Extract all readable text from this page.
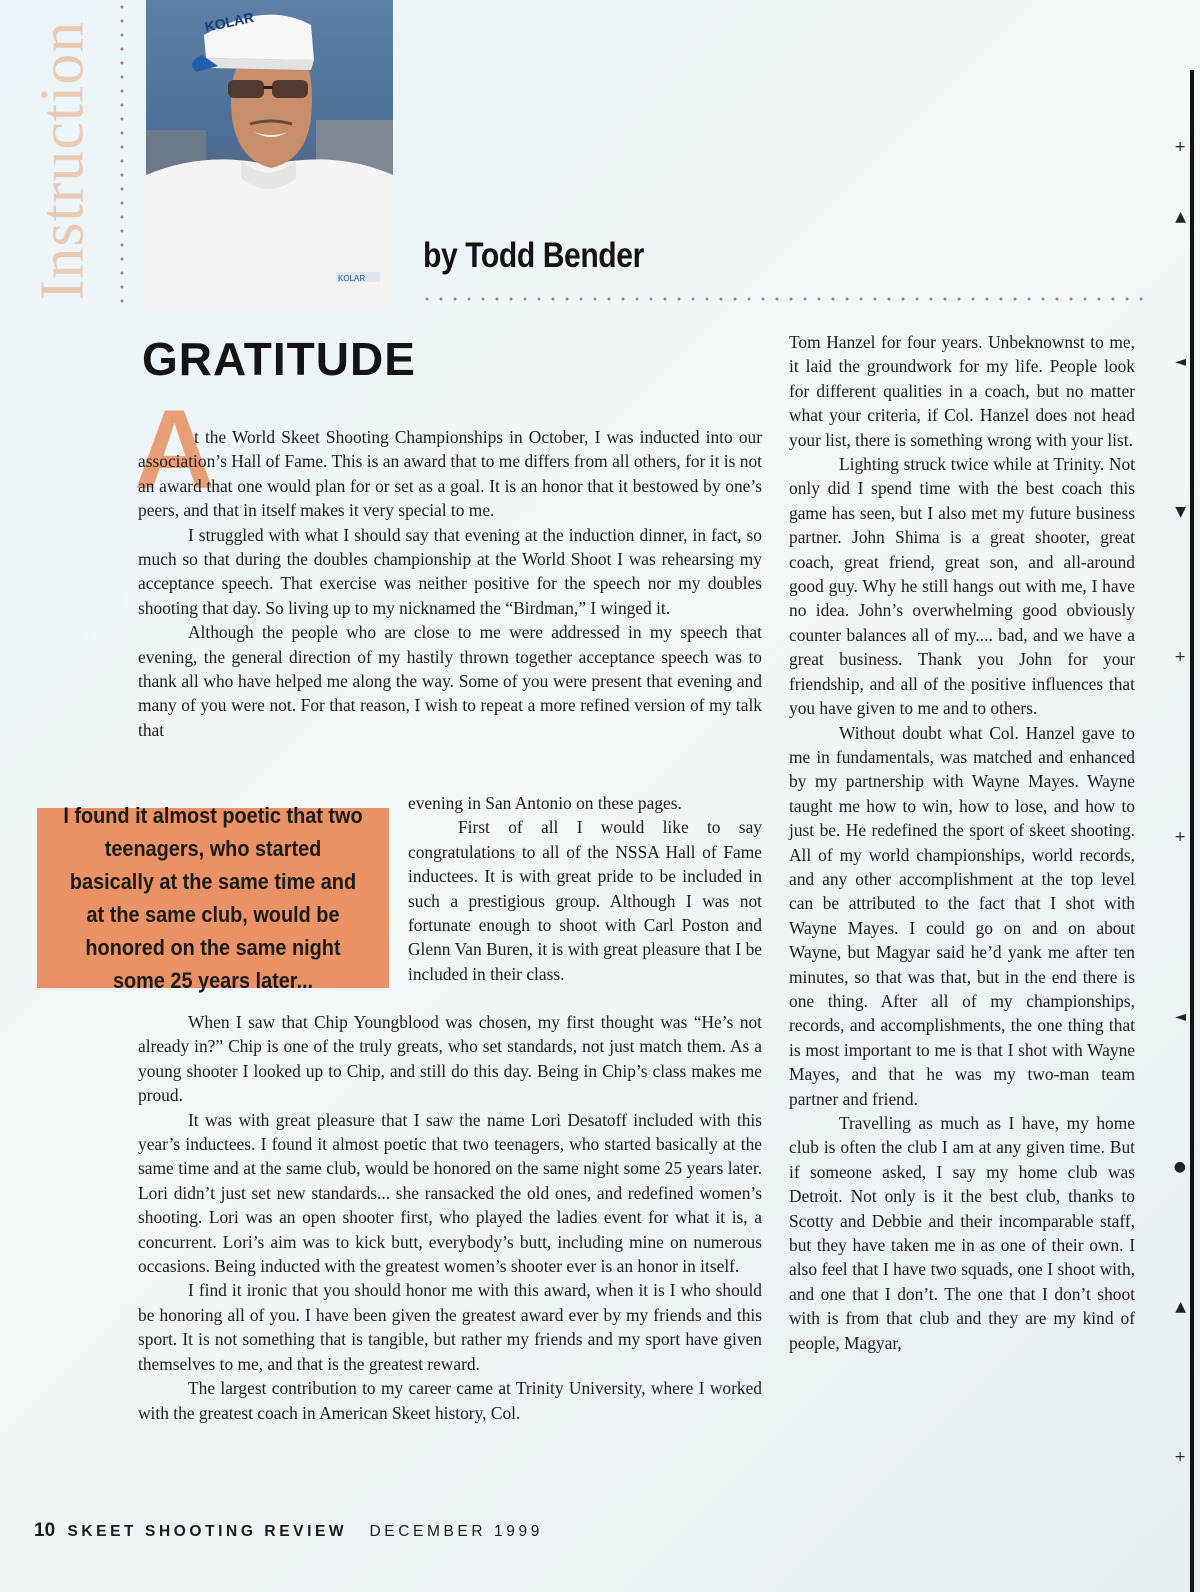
Instruction	KOLAR
KOLAR
by Todd Bender
GRATITUDE
A

t the World Skeet Shooting Championships in October, I was inducted into our association’s Hall of Fame. This is an award that to me differs from all others, for it is not an award that one would plan for or set as a goal. It is an honor that it bestowed by one’s peers, and that in itself makes it very special to me.

I struggled with what I should say that evening at the induction dinner, in fact, so much so that during the doubles championship at the World Shoot I was rehearsing my acceptance speech. That exercise was neither positive for the speech nor my doubles shooting that day. So living up to my nicknamed the “Birdman,” I winged it.

Although the people who are close to me were addressed in my speech that evening, the general direction of my hastily thrown together acceptance speech was to thank all who have helped me along the way. Some of you were present that evening and many of you were not. For that reason, I wish to repeat a more refined version of my talk that

I found it almost poetic that two teenagers, who started basically at the same time and at the same club, would be honored on the same night some 25 years later...

evening in San Antonio on these pages.

First of all I would like to say congratulations to all of the NSSA Hall of Fame inductees. It is with great pride to be included in such a prestigious group. Although I was not fortunate enough to shoot with Carl Poston and Glenn Van Buren, it is with great pleasure that I be included in their class.

When I saw that Chip Youngblood was chosen, my first thought was “He’s not already in?” Chip is one of the truly greats, who set standards, not just match them. As a young shooter I looked up to Chip, and still do this day. Being in Chip’s class makes me proud.

It was with great pleasure that I saw the name Lori Desatoff included with this year’s inductees. I found it almost poetic that two teenagers, who started basically at the same time and at the same club, would be honored on the same night some 25 years later. Lori didn’t just set new standards... she ransacked the old ones, and redefined women’s shooting. Lori was an open shooter first, who played the ladies event for what it is, a concurrent. Lori’s aim was to kick butt, everybody’s butt, including mine on numerous occasions. Being inducted with the greatest women’s shooter ever is an honor in itself.

I find it ironic that you should honor me with this award, when it is I who should be honoring all of you. I have been given the greatest award ever by my friends and this sport. It is not something that is tangible, but rather my friends and my sport have given themselves to me, and that is the greatest reward.

The largest contribution to my career came at Trinity University, where I worked with the greatest coach in American Skeet history, Col.

Tom Hanzel for four years. Unbeknownst to me, it laid the groundwork for my life. People look for different qualities in a coach, but no matter what your criteria, if Col. Hanzel does not head your list, there is something wrong with your list.

Lighting struck twice while at Trinity. Not only did I spend time with the best coach this game has seen, but I also met my future business partner. John Shima is a great shooter, great coach, great friend, great son, and all-around good guy. Why he still hangs out with me, I have no idea. John’s overwhelming good obviously counter balances all of my.... bad, and we have a great business. Thank you John for your friendship, and all of the positive influences that you have given to me and to others.

Without doubt what Col. Hanzel gave to me in fundamentals, was matched and enhanced by my partnership with Wayne Mayes. Wayne taught me how to win, how to lose, and how to just be. He redefined the sport of skeet shooting. All of my world championships, world records, and any other accomplishment at the top level can be attributed to the fact that I shot with Wayne Mayes. I could go on and on about Wayne, but Magyar said he’d yank me after ten minutes, so that was that, but in the end there is one thing. After all of my championships, records, and accomplishments, the one thing that is most important to me is that I shot with Wayne Mayes, and that he was my two-man team partner and friend.

Travelling as much as I have, my home club is often the club I am at any given time. But if someone asked, I say my home club was Detroit. Not only is it the best club, thanks to Scotty and Debbie and their incomparable staff, but they have taken me in as one of their own. I also feel that I have two squads, one I shoot with, and one that I don’t. The one that I don’t shoot with is from that club and they are my kind of people, Magyar,

10 SKEET SHOOTING REVIEW DECEMBER 1999
+
▲
◄
▼
+
+
◄
●
▲
+
